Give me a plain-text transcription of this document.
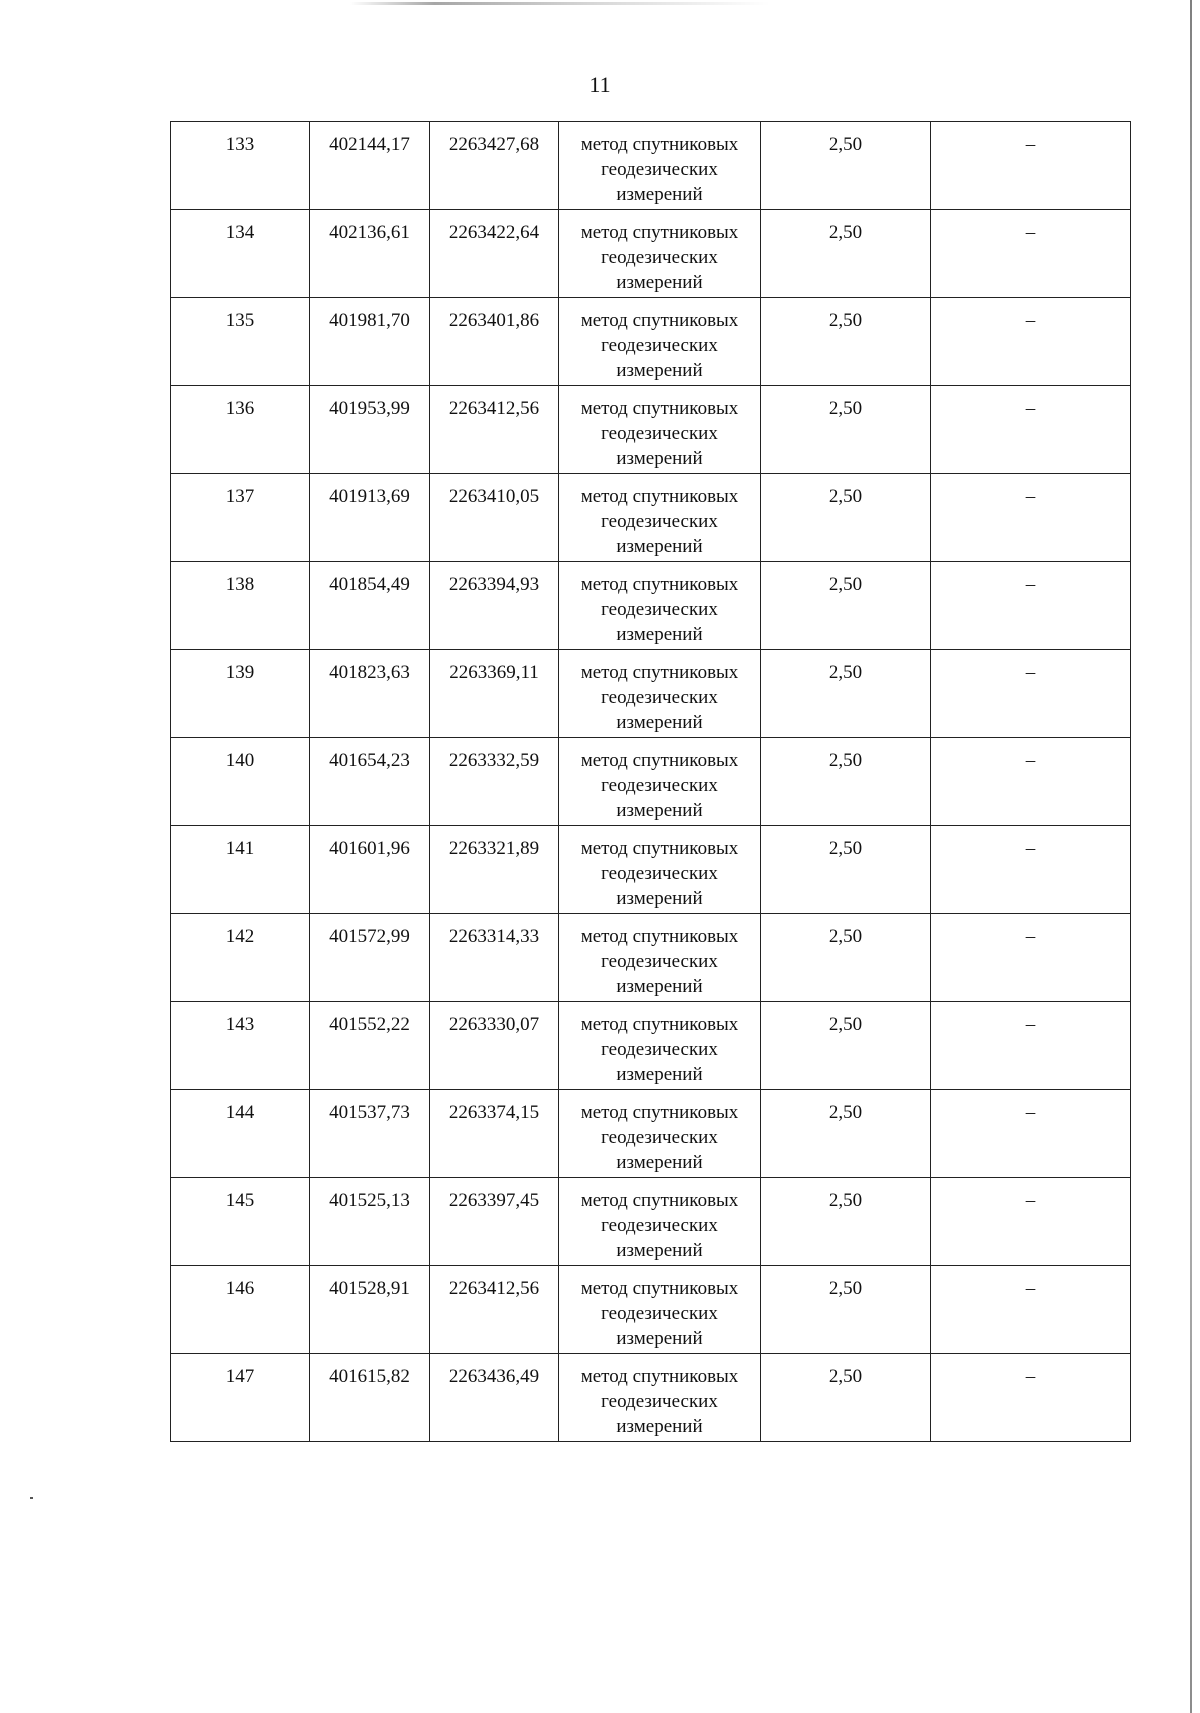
11
133	402144,17	2263427,68	метод спутниковых геодезических измерений	2,50	–
134	402136,61	2263422,64	метод спутниковых геодезических измерений	2,50	–
135	401981,70	2263401,86	метод спутниковых геодезических измерений	2,50	–
136	401953,99	2263412,56	метод спутниковых геодезических измерений	2,50	–
137	401913,69	2263410,05	метод спутниковых геодезических измерений	2,50	–
138	401854,49	2263394,93	метод спутниковых геодезических измерений	2,50	–
139	401823,63	2263369,11	метод спутниковых геодезических измерений	2,50	–
140	401654,23	2263332,59	метод спутниковых геодезических измерений	2,50	–
141	401601,96	2263321,89	метод спутниковых геодезических измерений	2,50	–
142	401572,99	2263314,33	метод спутниковых геодезических измерений	2,50	–
143	401552,22	2263330,07	метод спутниковых геодезических измерений	2,50	–
144	401537,73	2263374,15	метод спутниковых геодезических измерений	2,50	–
145	401525,13	2263397,45	метод спутниковых геодезических измерений	2,50	–
146	401528,91	2263412,56	метод спутниковых геодезических измерений	2,50	–
147	401615,82	2263436,49	метод спутниковых геодезических измерений	2,50	–
